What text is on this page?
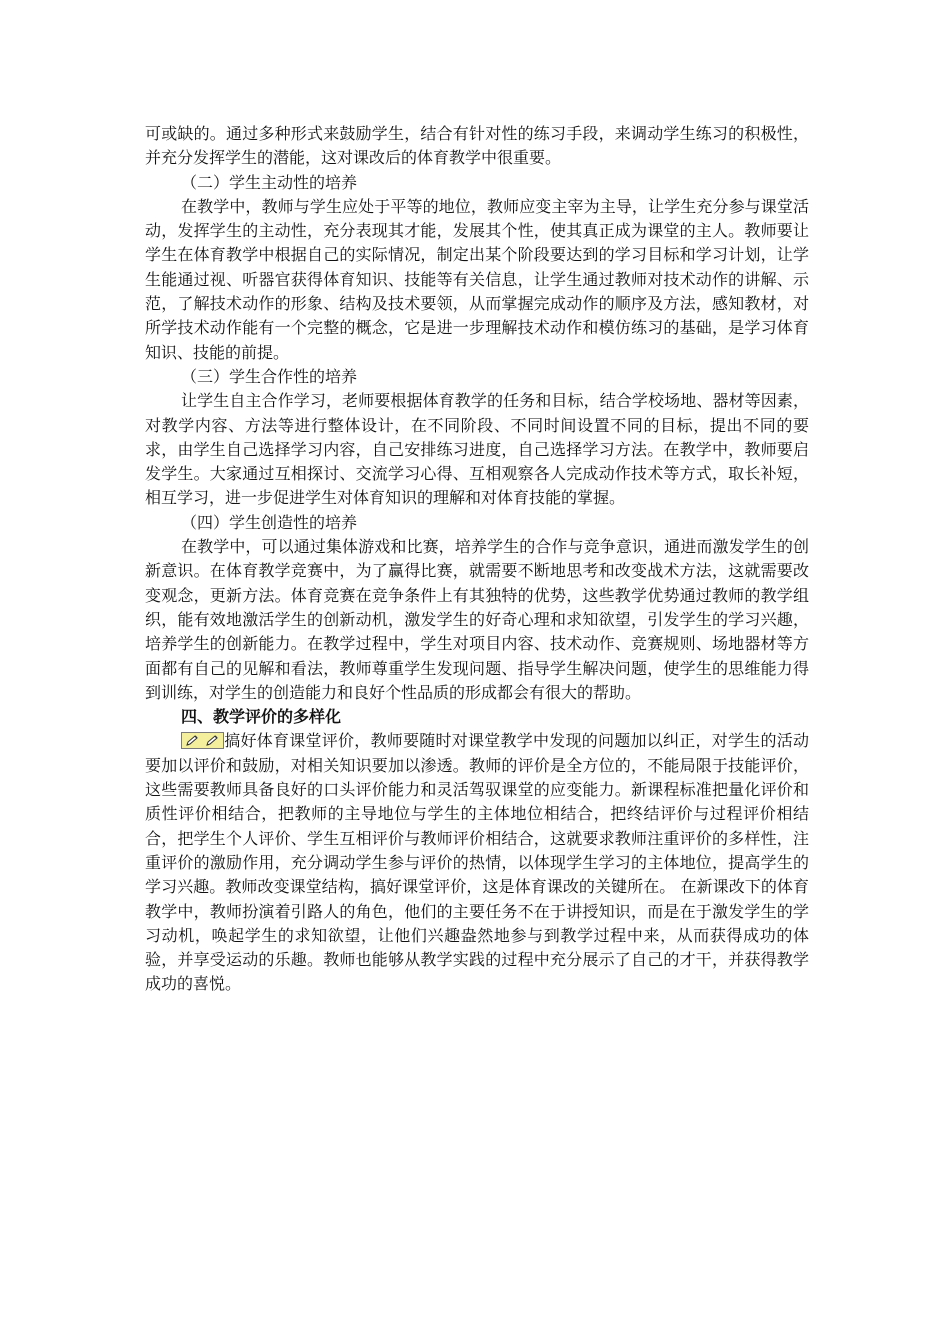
可或缺的。通过多种形式来鼓励学生，结合有针对性的练习手段，来调动学生练习的积极性，并充分发挥学生的潜能，这对课改后的体育教学中很重要。

（二）学生主动性的培养

在教学中，教师与学生应处于平等的地位，教师应变主宰为主导，让学生充分参与课堂活动，发挥学生的主动性，充分表现其才能，发展其个性，使其真正成为课堂的主人。教师要让学生在体育教学中根据自己的实际情况，制定出某个阶段要达到的学习目标和学习计划，让学生能通过视、听器官获得体育知识、技能等有关信息，让学生通过教师对技术动作的讲解、示范，了解技术动作的形象、结构及技术要领，从而掌握完成动作的顺序及方法，感知教材，对所学技术动作能有一个完整的概念，它是进一步理解技术动作和模仿练习的基础，是学习体育知识、技能的前提。

（三）学生合作性的培养

让学生自主合作学习，老师要根据体育教学的任务和目标，结合学校场地、器材等因素，对教学内容、方法等进行整体设计，在不同阶段、不同时间设置不同的目标，提出不同的要求，由学生自己选择学习内容，自己安排练习进度，自己选择学习方法。在教学中，教师要启发学生。大家通过互相探讨、交流学习心得、互相观察各人完成动作技术等方式，取长补短，相互学习，进一步促进学生对体育知识的理解和对体育技能的掌握。

（四）学生创造性的培养

在教学中，可以通过集体游戏和比赛，培养学生的合作与竞争意识，通进而激发学生的创新意识。在体育教学竞赛中，为了赢得比赛，就需要不断地思考和改变战术方法，这就需要改变观念，更新方法。体育竞赛在竞争条件上有其独特的优势，这些教学优势通过教师的教学组织，能有效地激活学生的创新动机，激发学生的好奇心理和求知欲望，引发学生的学习兴趣，培养学生的创新能力。在教学过程中，学生对项目内容、技术动作、竞赛规则、场地器材等方面都有自己的见解和看法，教师尊重学生发现问题、指导学生解决问题，使学生的思维能力得到训练，对学生的创造能力和良好个性品质的形成都会有很大的帮助。

四、教学评价的多样化

搞好体育课堂评价，教师要随时对课堂教学中发现的问题加以纠正，对学生的活动要加以评价和鼓励，对相关知识要加以渗透。教师的评价是全方位的，不能局限于技能评价，这些需要教师具备良好的口头评价能力和灵活驾驭课堂的应变能力。新课程标准把量化评价和质性评价相结合，把教师的主导地位与学生的主体地位相结合，把终结评价与过程评价相结合，把学生个人评价、学生互相评价与教师评价相结合，这就要求教师注重评价的多样性，注重评价的激励作用，充分调动学生参与评价的热情，以体现学生学习的主体地位，提高学生的学习兴趣。教师改变课堂结构，搞好课堂评价，这是体育课改的关键所在。 在新课改下的体育教学中，教师扮演着引路人的角色，他们的主要任务不在于讲授知识，而是在于激发学生的学习动机，唤起学生的求知欲望，让他们兴趣盎然地参与到教学过程中来，从而获得成功的体验，并享受运动的乐趣。教师也能够从教学实践的过程中充分展示了自己的才干，并获得教学成功的喜悦。
